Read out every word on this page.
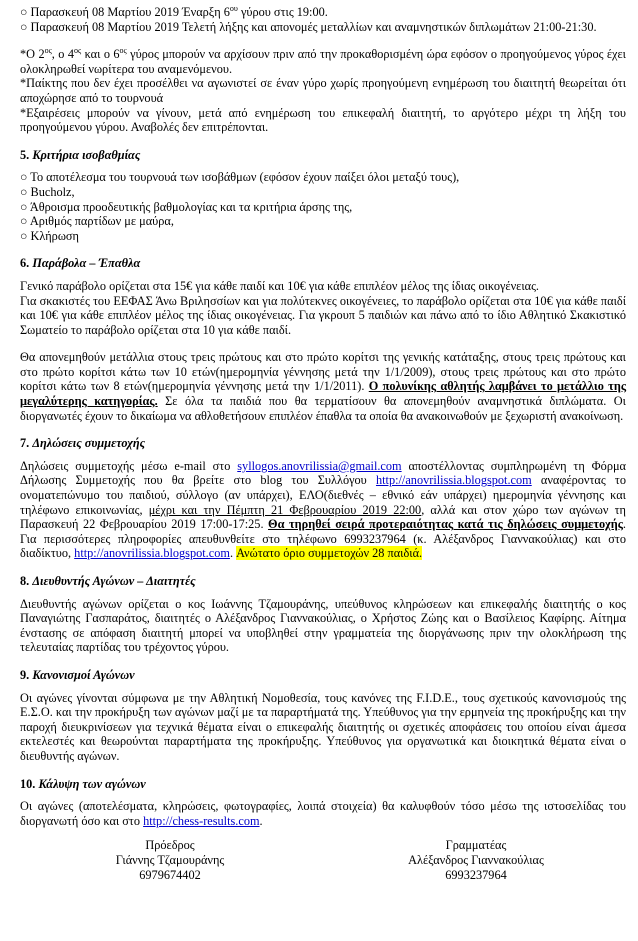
○ Παρασκευή 08 Μαρτίου 2019 Έναρξη $6^{o\upsilon}$ γύρου στις 19:00.

○ Παρασκευή 08 Μαρτίου 2019 Τελετή λήξης και απονομές μεταλλίων και αναμνηστικών διπλωμάτων 21:00-21:30.

*Ο $2^{o\varsigma}$, ο $4^{o\varsigma}$ και ο $6^{o\varsigma}$ γύρος μπορούν να αρχίσουν πριν από την προκαθορισμένη ώρα εφόσον ο προηγούμενος γύρος έχει ολοκληρωθεί νωρίτερα του αναμενόμενου.

*Παίκτης που δεν έχει προσέλθει να αγωνιστεί σε έναν γύρο χωρίς προηγούμενη ενημέρωση του διαιτητή θεωρείται ότι αποχώρησε από το τουρνουά

*Εξαιρέσεις μπορούν να γίνουν, μετά από ενημέρωση του επικεφαλή διαιτητή, το αργότερο μέχρι τη λήξη του προηγούμενου γύρου. Αναβολές δεν επιτρέπονται.

5. Κριτήρια ισοβαθμίας

○ Το αποτέλεσμα του τουρνουά των ισοβάθμων (εφόσον έχουν παίξει όλοι μεταξύ τους),

○ Bucholz,

○ Άθροισμα προοδευτικής βαθμολογίας και τα κριτήρια άρσης της,

○ Αριθμός παρτίδων με μαύρα,

○ Κλήρωση

6. Παράβολα – Έπαθλα

Γενικό παράβολο ορίζεται στα 15€ για κάθε παιδί και 10€ για κάθε επιπλέον μέλος της ίδιας οικογένειας.

Για σκακιστές του ΕΕΦΑΣ Άνω Βριλησσίων και για πολύτεκνες οικογένειες, το παράβολο ορίζεται στα 10€ για κάθε παιδί και 10€ για κάθε επιπλέον μέλος της ίδιας οικογένειας. Για γκρουπ 5 παιδιών και πάνω από το ίδιο Αθλητικό Σκακιστικό Σωματείο το παράβολο ορίζεται στα 10 για κάθε παιδί.

Θα απονεμηθούν μετάλλια στους τρεις πρώτους και στο πρώτο κορίτσι της γενικής κατάταξης, στους τρεις πρώτους και στο πρώτο κορίτσι κάτω των 10 ετών(ημερομηνία γέννησης μετά την 1/1/2009), στους τρεις πρώτους και στο πρώτο κορίτσι κάτω των 8 ετών(ημερομηνία γέννησης μετά την 1/1/2011). Ο πολυνίκης αθλητής λαμβάνει το μετάλλιο της μεγαλύτερης κατηγορίας. Σε όλα τα παιδιά που θα τερματίσουν θα απονεμηθούν αναμνηστικά διπλώματα. Οι διοργανωτές έχουν το δικαίωμα να αθλοθετήσουν επιπλέον έπαθλα τα οποία θα ανακοινωθούν με ξεχωριστή ανακοίνωση.

7. Δηλώσεις συμμετοχής

Δηλώσεις συμμετοχής μέσω e-mail στο syllogos.anovrilissia@gmail.com αποστέλλοντας συμπληρωμένη τη Φόρμα Δήλωσης Συμμετοχής που θα βρείτε στο blog του Συλλόγου http://anovrilissia.blogspot.com αναφέροντας το ονοματεπώνυμο του παιδιού, σύλλογο (αν υπάρχει), ΕΛΟ(διεθνές – εθνικό εάν υπάρχει) ημερομηνία γέννησης και τηλέφωνο επικοινωνίας, μέχρι και την Πέμπτη 21 Φεβρουαρίου 2019 22:00, αλλά και στον χώρο των αγώνων τη Παρασκευή 22 Φεβρουαρίου 2019 17:00-17:25. Θα τηρηθεί σειρά προτεραιότητας κατά τις δηλώσεις συμμετοχής. Για περισσότερες πληροφορίες απευθυνθείτε στο τηλέφωνο 6993237964 (κ. Αλέξανδρος Γιαννακούλιας) και στο διαδίκτυο, http://anovrilissia.blogspot.com. Ανώτατο όριο συμμετοχών 28 παιδιά.

8. Διευθυντής Αγώνων – Διαιτητές

Διευθυντής αγώνων ορίζεται ο κος Ιωάννης Τζαμουράνης, υπεύθυνος κληρώσεων και επικεφαλής διαιτητής ο κος Παναγιώτης Γασπαράτος, διαιτητές ο Αλέξανδρος Γιαννακούλιας, ο Χρήστος Ζώης και ο Βασίλειος Καφίρης. Αίτημα ένστασης σε απόφαση διαιτητή μπορεί να υποβληθεί στην γραμματεία της διοργάνωσης πριν την ολοκλήρωση της τελευταίας παρτίδας του τρέχοντος γύρου.

9. Κανονισμοί Αγώνων

Οι αγώνες γίνονται σύμφωνα με την Αθλητική Νομοθεσία, τους κανόνες της F.I.D.E., τους σχετικούς κανονισμούς της Ε.Σ.Ο. και την προκήρυξη των αγώνων μαζί με τα παραρτήματά της. Υπεύθυνος για την ερμηνεία της προκήρυξης και την παροχή διευκρινίσεων για τεχνικά θέματα είναι ο επικεφαλής διαιτητής οι σχετικές αποφάσεις του οποίου είναι άμεσα εκτελεστές και θεωρούνται παραρτήματα της προκήρυξης. Υπεύθυνος για οργανωτικά και διοικητικά θέματα είναι ο διευθυντής αγώνων.

10. Κάλυψη των αγώνων

Οι αγώνες (αποτελέσματα, κληρώσεις, φωτογραφίες, λοιπά στοιχεία) θα καλυφθούν τόσο μέσω της ιστοσελίδας του διοργανωτή όσο και στο http://chess-results.com.

Πρόεδρος
Γιάννης Τζαμουράνης
6979674402
Γραμματέας
Αλέξανδρος Γιαννακούλιας
6993237964
